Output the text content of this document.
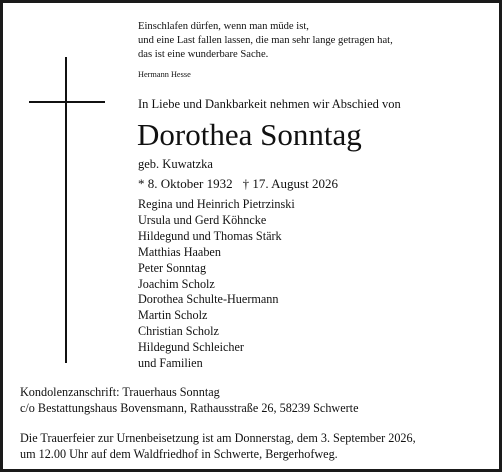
Einschlafen dürfen, wenn man müde ist,
und eine Last fallen lassen, die man sehr lange getragen hat,
das ist eine wunderbare Sache.
Hermann Hesse
In Liebe und Dankbarkeit nehmen wir Abschied von
Dorothea Sonntag
geb. Kuwatzka
* 8. Oktober 1932 † 17. August 2026
Regina und Heinrich Pietrzinski
Ursula und Gerd Köhncke
Hildegund und Thomas Stärk
Matthias Haaben
Peter Sonntag
Joachim Scholz
Dorothea Schulte-Huermann
Martin Scholz
Christian Scholz
Hildegund Schleicher
und Familien
Kondolenzanschrift: Trauerhaus Sonntag
c/o Bestattungshaus Bovensmann, Rathausstraße 26, 58239 Schwerte
Die Trauerfeier zur Urnenbeisetzung ist am Donnerstag, dem 3. September 2026,
um 12.00 Uhr auf dem Waldfriedhof in Schwerte, Bergerhofweg.
